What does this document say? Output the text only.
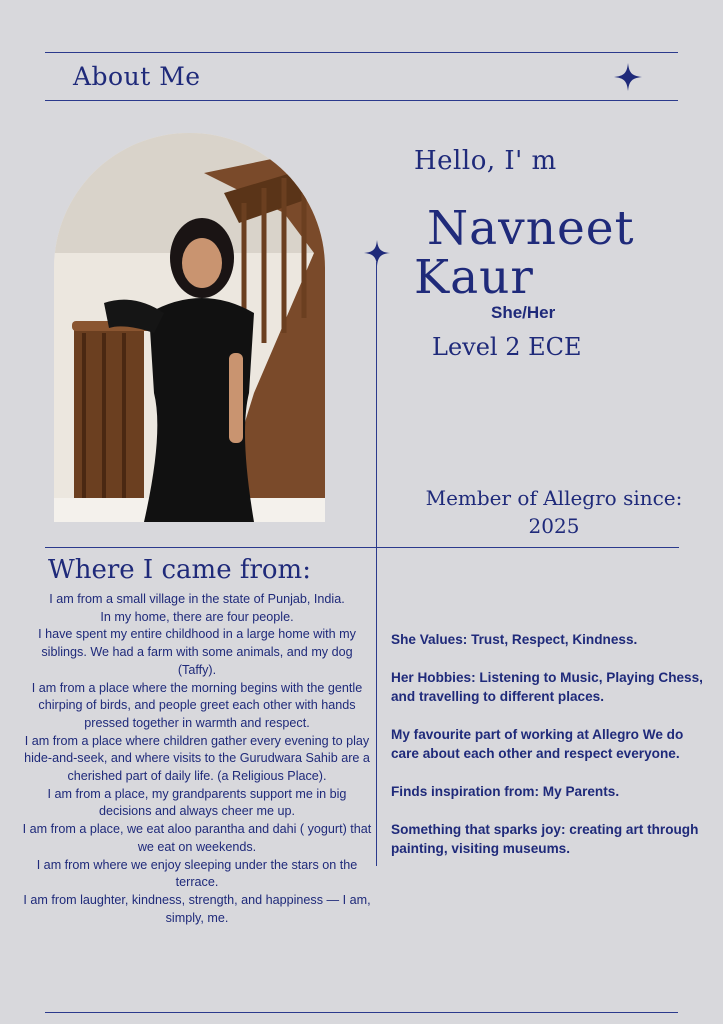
About Me
Hello, I' m
Navneet
Kaur
She/Her
Level 2 ECE
Member of Allegro since:
2025
Where I came from:
I am from a small village in the state of Punjab, India.
In my home, there are four people.
I have spent my entire childhood in a large home with my siblings. We had a farm with some animals, and my dog (Taffy).
I am from a place where the morning begins with the gentle chirping of birds, and people greet each other with hands pressed together in warmth and respect.
I am from a place where children gather every evening to play hide-and-seek, and where visits to the Gurudwara Sahib are a cherished part of daily life. (a Religious Place).
I am from a place, my grandparents support me in big decisions and always cheer me up.
I am from a place, we eat aloo parantha and dahi ( yogurt) that we eat on weekends.
I am from where we enjoy sleeping under the stars on the terrace.
I am from laughter, kindness, strength, and happiness — I am, simply, me.

She Values: Trust, Respect, Kindness.

Her Hobbies: Listening to Music, Playing Chess, and travelling to different places.

My favourite part of working at Allegro We do care about each other and respect everyone.

Finds inspiration from: My Parents.

Something that sparks joy: creating art through painting, visiting museums.
